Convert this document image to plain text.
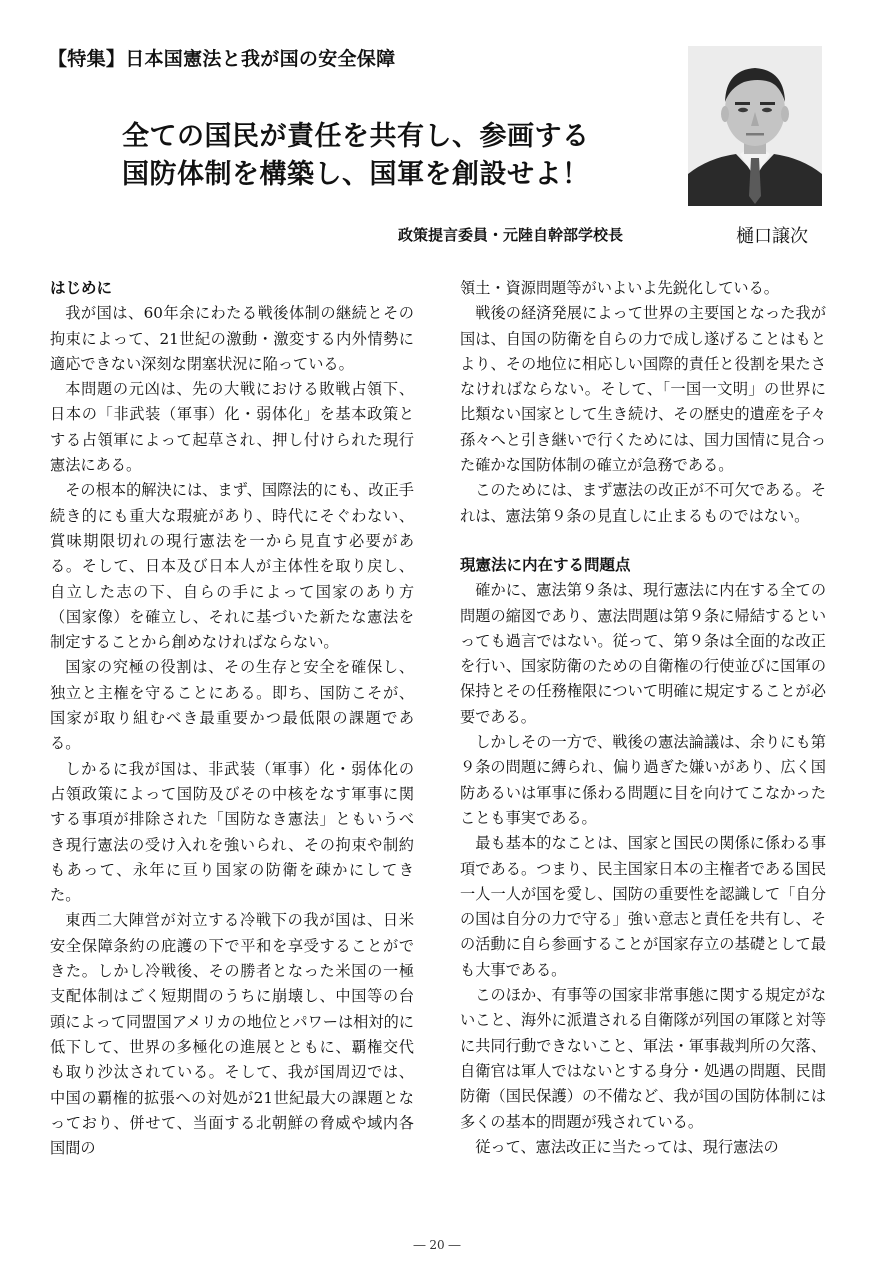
【特集】日本国憲法と我が国の安全保障
全ての国民が責任を共有し、参画する
国防体制を構築し、国軍を創設せよ！
政策提言委員・元陸自幹部学校長	樋口譲次
はじめに

我が国は、60年余にわたる戦後体制の継続とその拘束によって、21世紀の激動・激変する内外情勢に適応できない深刻な閉塞状況に陥っている。

本問題の元凶は、先の大戦における敗戦占領下、日本の「非武装（軍事）化・弱体化」を基本政策とする占領軍によって起草され、押し付けられた現行憲法にある。

その根本的解決には、まず、国際法的にも、改正手続き的にも重大な瑕疵があり、時代にそぐわない、賞味期限切れの現行憲法を一から見直す必要がある。そして、日本及び日本人が主体性を取り戻し、自立した志の下、自らの手によって国家のあり方（国家像）を確立し、それに基づいた新たな憲法を制定することから創めなければならない。

国家の究極の役割は、その生存と安全を確保し、独立と主権を守ることにある。即ち、国防こそが、国家が取り組むべき最重要かつ最低限の課題である。

しかるに我が国は、非武装（軍事）化・弱体化の占領政策によって国防及びその中核をなす軍事に関する事項が排除された「国防なき憲法」ともいうべき現行憲法の受け入れを強いられ、その拘束や制約もあって、永年に亘り国家の防衛を疎かにしてきた。

東西二大陣営が対立する冷戦下の我が国は、日米安全保障条約の庇護の下で平和を享受することができた。しかし冷戦後、その勝者となった米国の一極支配体制はごく短期間のうちに崩壊し、中国等の台頭によって同盟国アメリカの地位とパワーは相対的に低下して、世界の多極化の進展とともに、覇権交代も取り沙汰されている。そして、我が国周辺では、中国の覇権的拡張への対処が21世紀最大の課題となっており、併せて、当面する北朝鮮の脅威や域内各国間の

領土・資源問題等がいよいよ先鋭化している。

戦後の経済発展によって世界の主要国となった我が国は、自国の防衛を自らの力で成し遂げることはもとより、その地位に相応しい国際的責任と役割を果たさなければならない。そして、「一国一文明」の世界に比類ない国家として生き続け、その歴史的遺産を子々孫々へと引き継いで行くためには、国力国情に見合った確かな国防体制の確立が急務である。

このためには、まず憲法の改正が不可欠である。それは、憲法第９条の見直しに止まるものではない。

現憲法に内在する問題点

確かに、憲法第９条は、現行憲法に内在する全ての問題の縮図であり、憲法問題は第９条に帰結するといっても過言ではない。従って、第９条は全面的な改正を行い、国家防衛のための自衛権の行使並びに国軍の保持とその任務権限について明確に規定することが必要である。

しかしその一方で、戦後の憲法論議は、余りにも第９条の問題に縛られ、偏り過ぎた嫌いがあり、広く国防あるいは軍事に係わる問題に目を向けてこなかったことも事実である。

最も基本的なことは、国家と国民の関係に係わる事項である。つまり、民主国家日本の主権者である国民一人一人が国を愛し、国防の重要性を認識して「自分の国は自分の力で守る」強い意志と責任を共有し、その活動に自ら参画することが国家存立の基礎として最も大事である。

このほか、有事等の国家非常事態に関する規定がないこと、海外に派遣される自衛隊が列国の軍隊と対等に共同行動できないこと、軍法・軍事裁判所の欠落、自衛官は軍人ではないとする身分・処遇の問題、民間防衛（国民保護）の不備など、我が国の国防体制には多くの基本的問題が残されている。

従って、憲法改正に当たっては、現行憲法の

― 20 ―
